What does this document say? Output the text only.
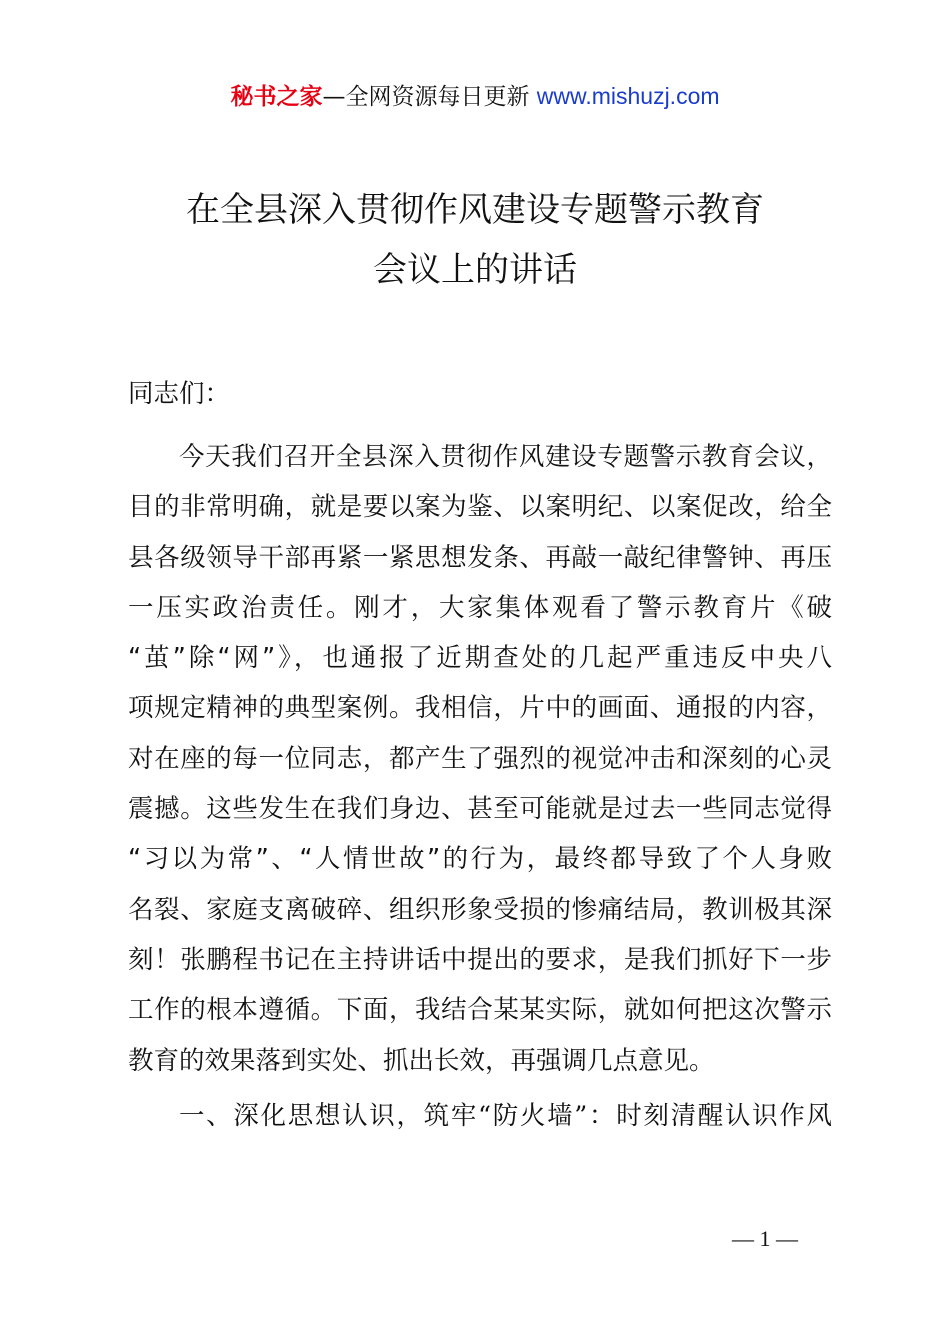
秘书之家—全网资源每日更新 www.mishuzj.com
在全县深入贯彻作风建设专题警示教育
会议上的讲话
同志们：
今天我们召开全县深入贯彻作风建设专题警示教育会议，
目的非常明确，就是要以案为鉴、以案明纪、以案促改，给全
县各级领导干部再紧一紧思想发条、再敲一敲纪律警钟、再压
一压实政治责任。刚才，大家集体观看了警示教育片《破
“茧”除“网”》，也通报了近期查处的几起严重违反中央八
项规定精神的典型案例。我相信，片中的画面、通报的内容，
对在座的每一位同志，都产生了强烈的视觉冲击和深刻的心灵
震撼。这些发生在我们身边、甚至可能就是过去一些同志觉得
“习以为常”、“人情世故”的行为，最终都导致了个人身败
名裂、家庭支离破碎、组织形象受损的惨痛结局，教训极其深
刻！张鹏程书记在主持讲话中提出的要求，是我们抓好下一步
工作的根本遵循。下面，我结合某某实际，就如何把这次警示
教育的效果落到实处、抓出长效，再强调几点意见。
一、深化思想认识，筑牢“防火墙”：时刻清醒认识作风
— 1 —
